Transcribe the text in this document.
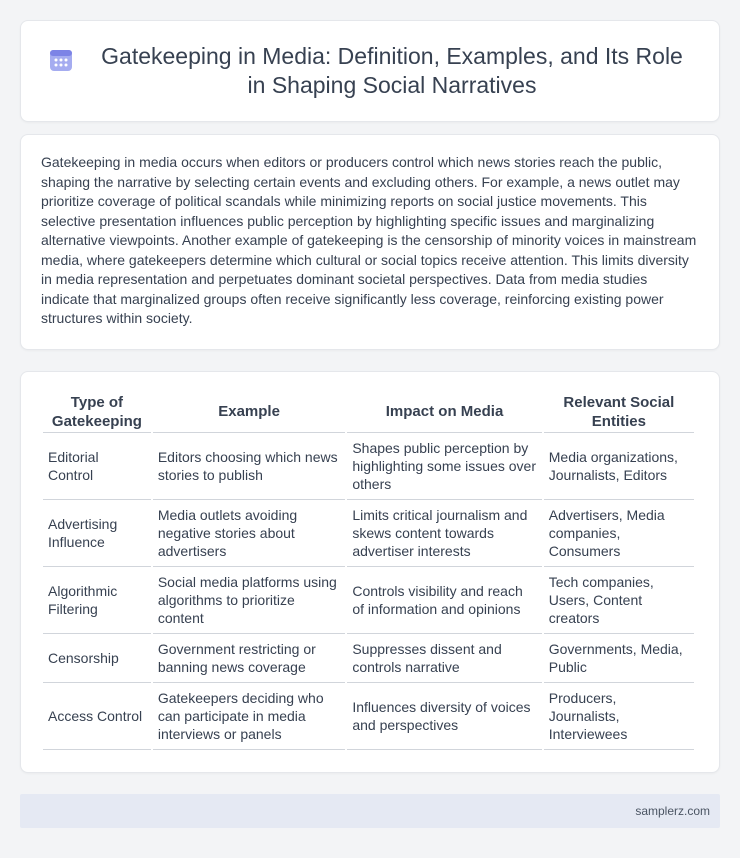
Gatekeeping in Media: Definition, Examples, and Its Role in Shaping Social Narratives

Gatekeeping in media occurs when editors or producers control which news stories reach the public, shaping the narrative by selecting certain events and excluding others. For example, a news outlet may prioritize coverage of political scandals while minimizing reports on social justice movements. This selective presentation influences public perception by highlighting specific issues and marginalizing alternative viewpoints. Another example of gatekeeping is the censorship of minority voices in mainstream media, where gatekeepers determine which cultural or social topics receive attention. This limits diversity in media representation and perpetuates dominant societal perspectives. Data from media studies indicate that marginalized groups often receive significantly less coverage, reinforcing existing power structures within society.

Type of Gatekeeping	Example	Impact on Media	Relevant Social Entities
Editorial Control	Editors choosing which news stories to publish	Shapes public perception by highlighting some issues over others	Media organizations, Journalists, Editors
Advertising Influence	Media outlets avoiding negative stories about advertisers	Limits critical journalism and skews content towards advertiser interests	Advertisers, Media companies, Consumers
Algorithmic Filtering	Social media platforms using algorithms to prioritize content	Controls visibility and reach of information and opinions	Tech companies, Users, Content creators
Censorship	Government restricting or banning news coverage	Suppresses dissent and controls narrative	Governments, Media, Public
Access Control	Gatekeepers deciding who can participate in media interviews or panels	Influences diversity of voices and perspectives	Producers, Journalists, Interviewees
samplerz.com
